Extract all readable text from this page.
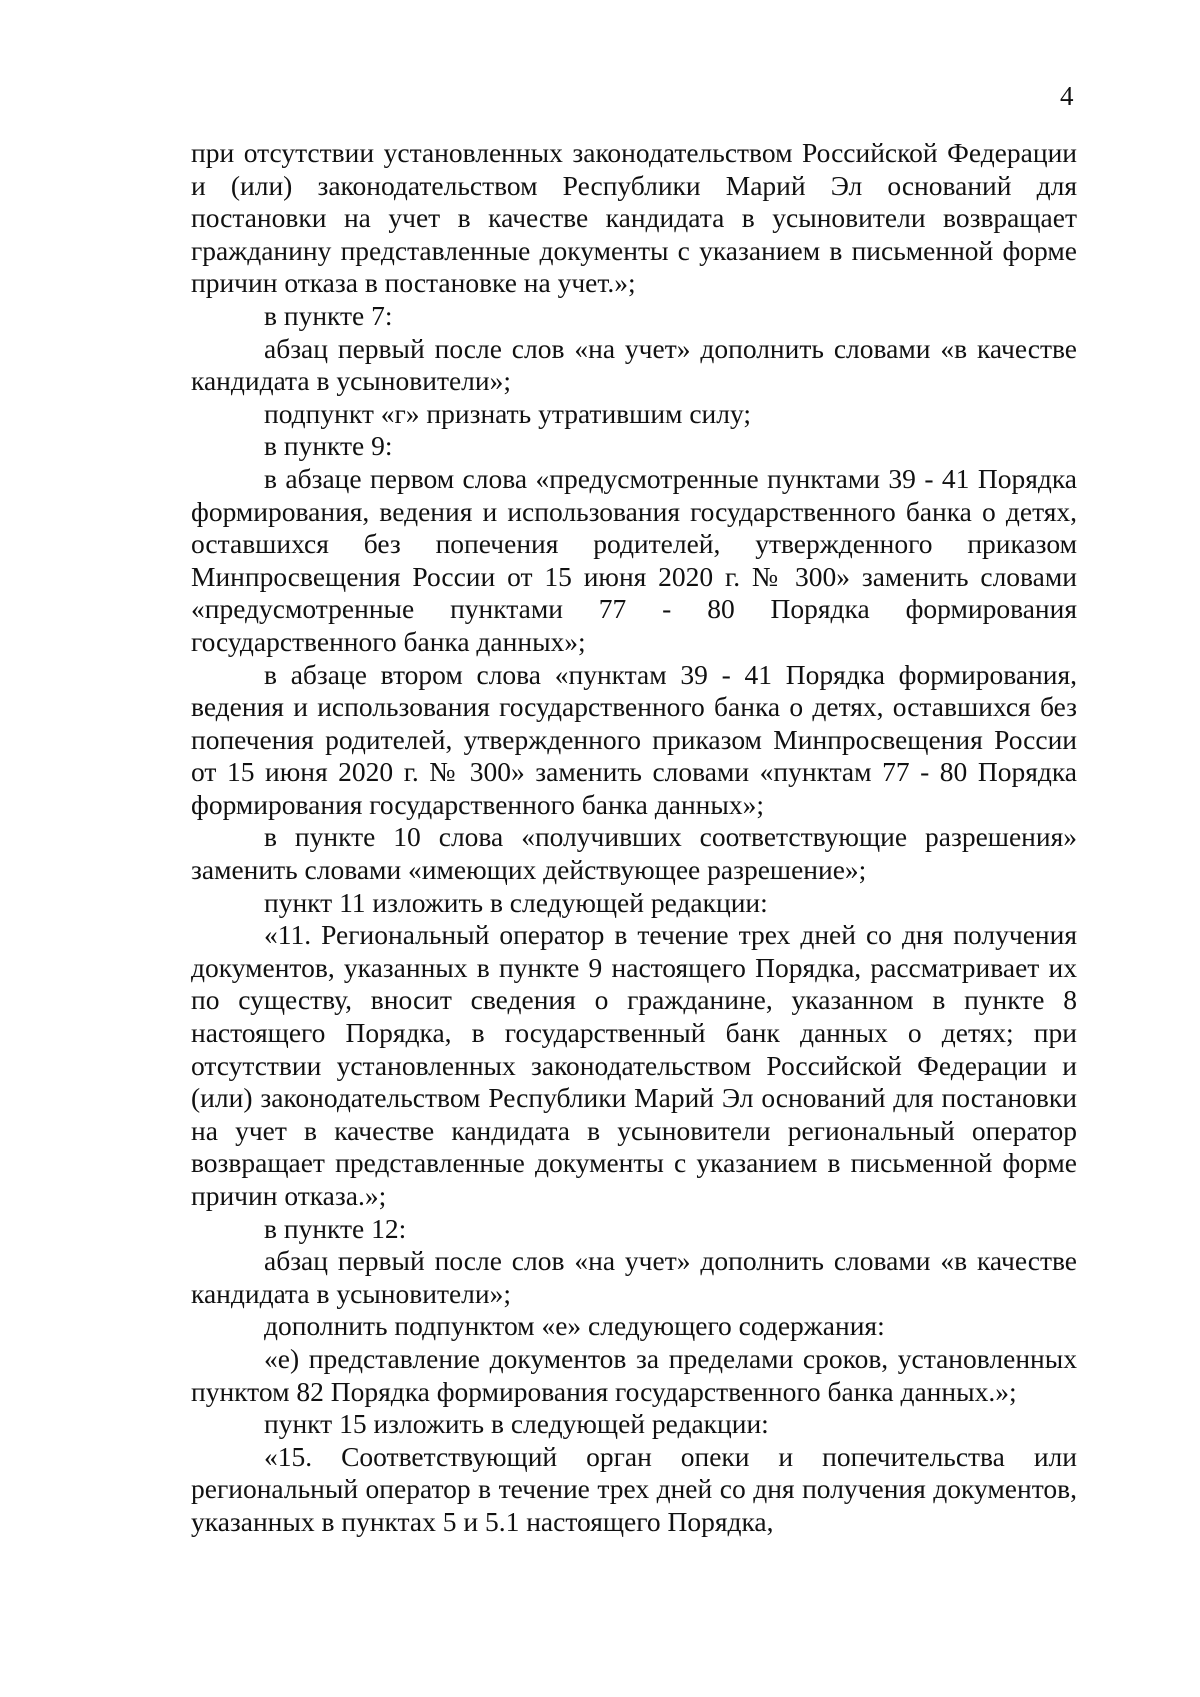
4

при отсутствии установленных законодательством Российской Федерации и (или) законодательством Республики Марий Эл оснований для постановки на учет в качестве кандидата в усыновители возвращает гражданину представленные документы с указанием в письменной форме причин отказа в постановке на учет.»;

в пункте 7:

абзац первый после слов «на учет» дополнить словами «в качестве кандидата в усыновители»;

подпункт «г» признать утратившим силу;

в пункте 9:

в абзаце первом слова «предусмотренные пунктами 39 - 41 Порядка формирования, ведения и использования государственного банка о детях, оставшихся без попечения родителей, утвержденного приказом Минпросвещения России от 15 июня 2020 г. № 300» заменить словами «предусмотренные пунктами 77 - 80 Порядка формирования государственного банка данных»;

в абзаце втором слова «пунктам 39 - 41 Порядка формирования, ведения и использования государственного банка о детях, оставшихся без попечения родителей, утвержденного приказом Минпросвещения России от 15 июня 2020 г. № 300» заменить словами «пунктам 77 - 80 Порядка формирования государственного банка данных»;

в пункте 10 слова «получивших соответствующие разрешения» заменить словами «имеющих действующее разрешение»;

пункт 11 изложить в следующей редакции:

«11. Региональный оператор в течение трех дней со дня получения документов, указанных в пункте 9 настоящего Порядка, рассматривает их по существу, вносит сведения о гражданине, указанном в пункте 8 настоящего Порядка, в государственный банк данных о детях; при отсутствии установленных законодательством Российской Федерации и (или) законодательством Республики Марий Эл оснований для постановки на учет в качестве кандидата в усыновители региональный оператор возвращает представленные документы с указанием в письменной форме причин отказа.»;

в пункте 12:

абзац первый после слов «на учет» дополнить словами «в качестве кандидата в усыновители»;

дополнить подпунктом «е» следующего содержания:

«е) представление документов за пределами сроков, установленных пунктом 82 Порядка формирования государственного банка данных.»;

пункт 15 изложить в следующей редакции:

«15. Соответствующий орган опеки и попечительства или региональный оператор в течение трех дней со дня получения документов, указанных в пунктах 5 и 5.1 настоящего Порядка,
